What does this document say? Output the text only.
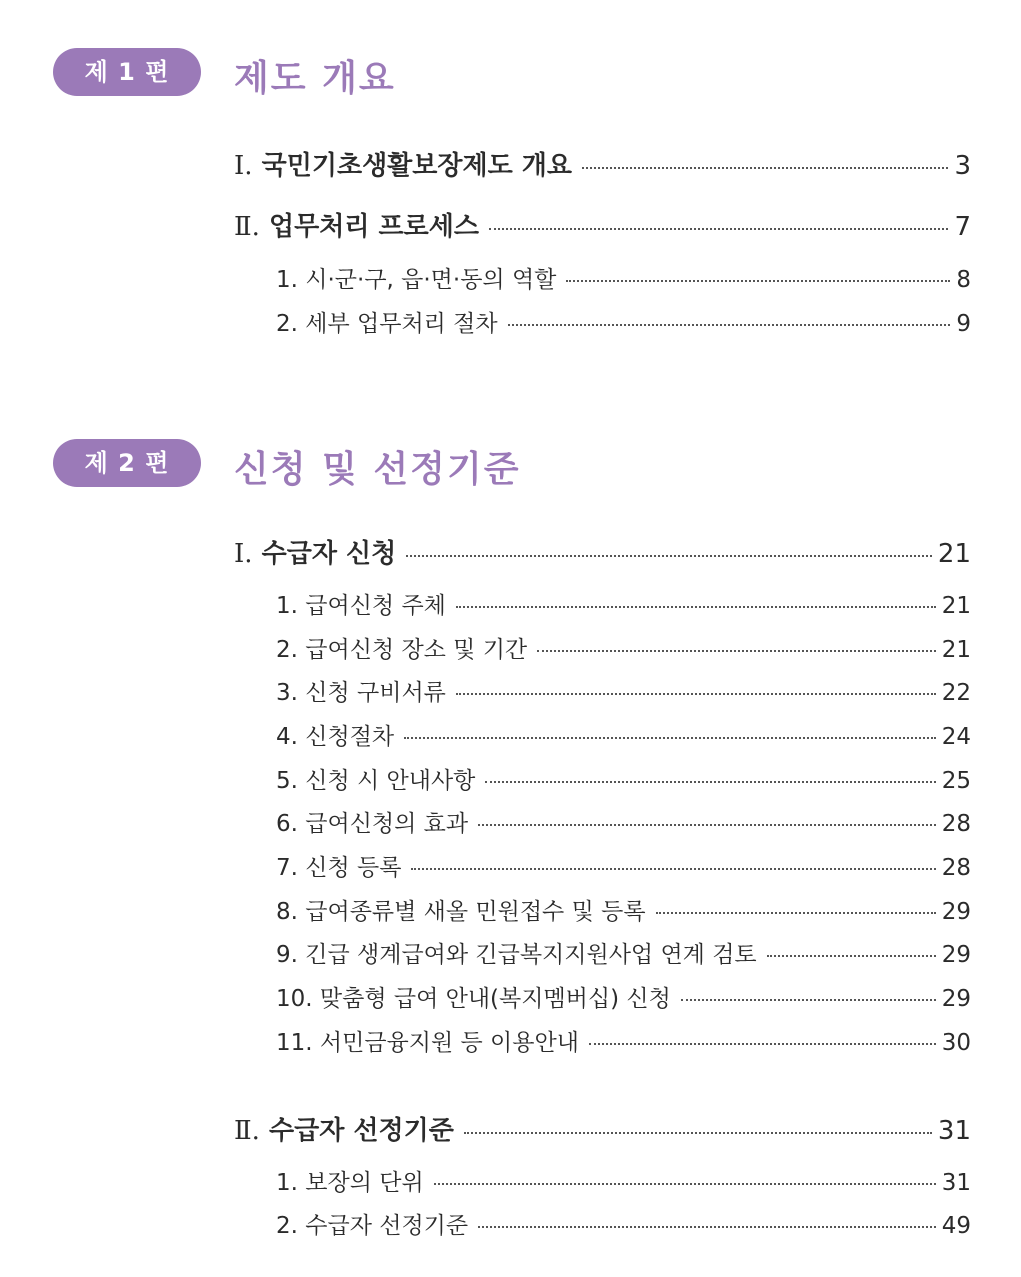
제 1 편	제도 개요
Ⅰ. 국민기초생활보장제도 개요	3
Ⅱ. 업무처리 프로세스	7
1. 시·군·구, 읍·면·동의 역할	8
2. 세부 업무처리 절차	9
제 2 편	신청 및 선정기준
Ⅰ. 수급자 신청	21
1. 급여신청 주체	21
2. 급여신청 장소 및 기간	21
3. 신청 구비서류	22
4. 신청절차	24
5. 신청 시 안내사항	25
6. 급여신청의 효과	28
7. 신청 등록	28
8. 급여종류별 새올 민원접수 및 등록	29
9. 긴급 생계급여와 긴급복지지원사업 연계 검토	29
10. 맞춤형 급여 안내(복지멤버십) 신청	29
11. 서민금융지원 등 이용안내	30
Ⅱ. 수급자 선정기준	31
1. 보장의 단위	31
2. 수급자 선정기준	49
